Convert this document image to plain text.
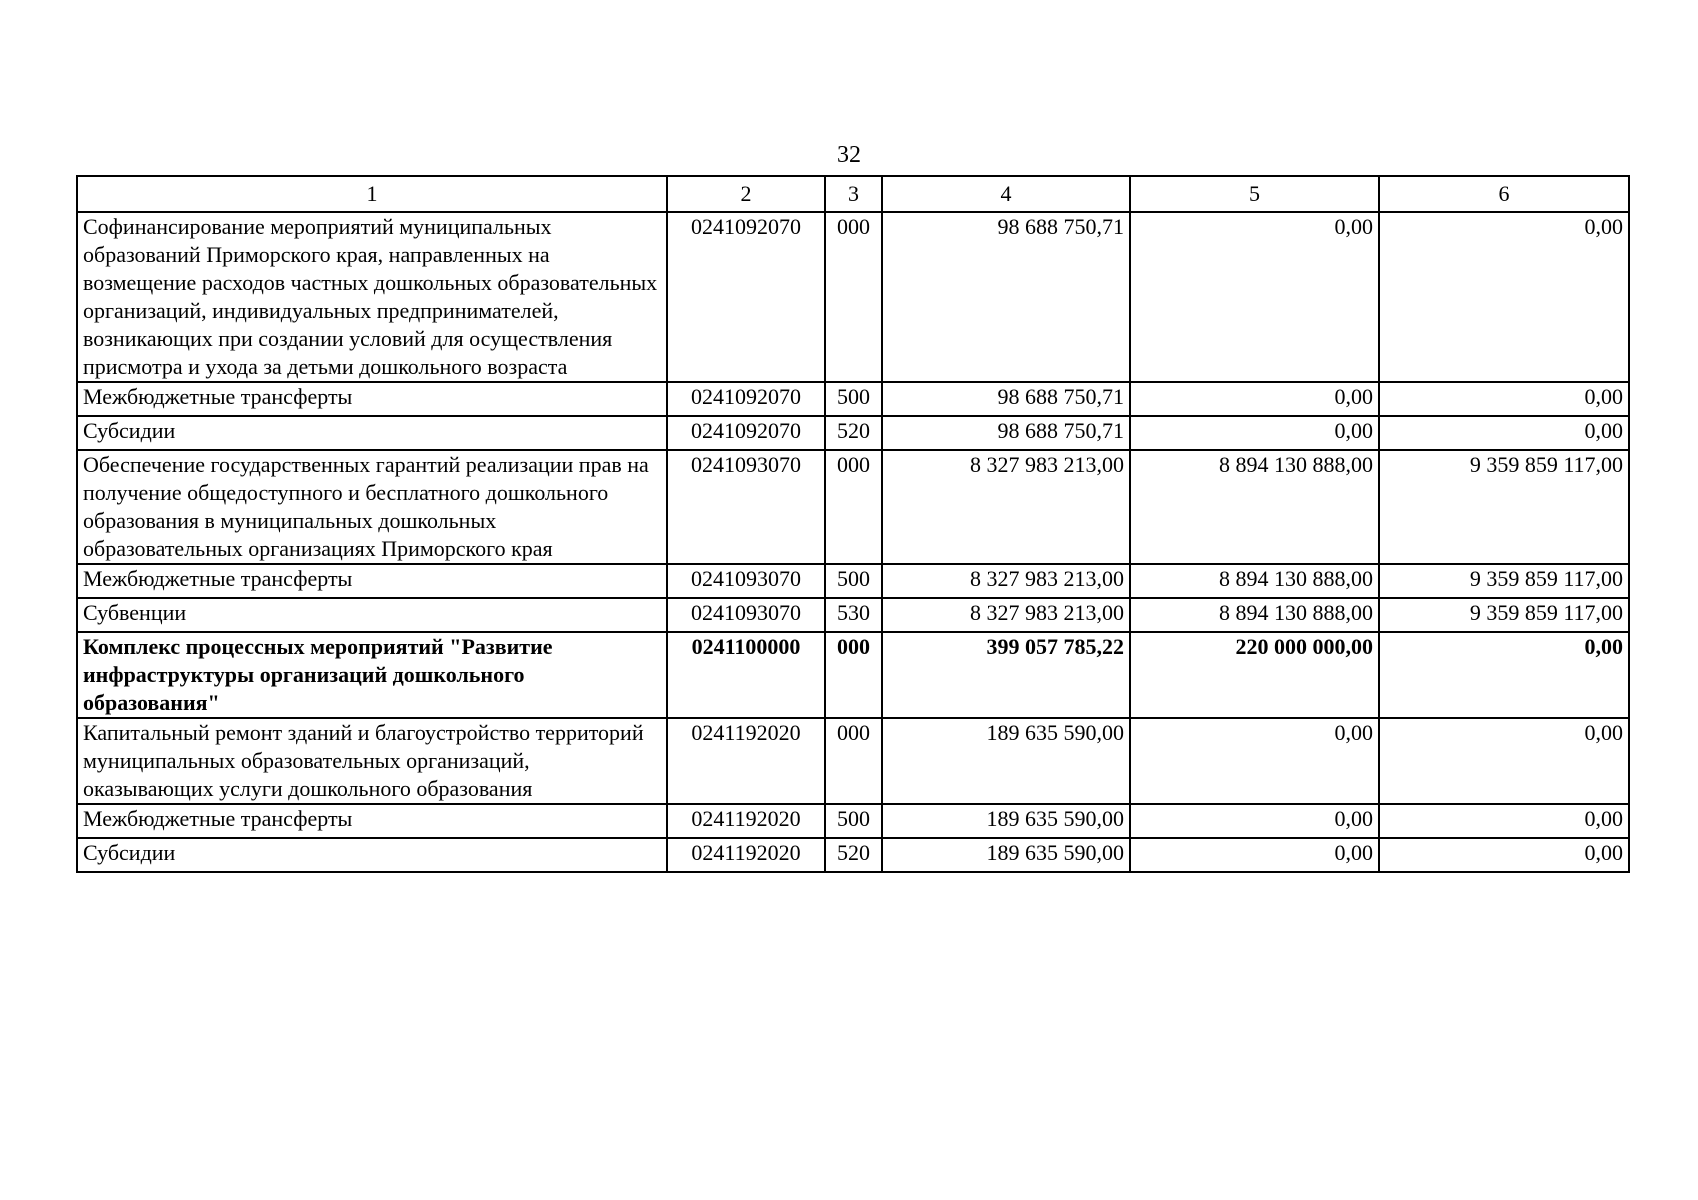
32
1	2	3	4	5	6
Софинансирование мероприятий муниципальных образований Приморского края, направленных на возмещение расходов частных дошкольных образовательных организаций, индивидуальных предпринимателей, возникающих при создании условий для осуществления присмотра и ухода за детьми дошкольного возраста	0241092070	000	98 688 750,71	0,00	0,00
Межбюджетные трансферты	0241092070	500	98 688 750,71	0,00	0,00
Субсидии	0241092070	520	98 688 750,71	0,00	0,00
Обеспечение государственных гарантий реализации прав на получение общедоступного и бесплатного дошкольного образования в муниципальных дошкольных образовательных организациях Приморского края	0241093070	000	8 327 983 213,00	8 894 130 888,00	9 359 859 117,00
Межбюджетные трансферты	0241093070	500	8 327 983 213,00	8 894 130 888,00	9 359 859 117,00
Субвенции	0241093070	530	8 327 983 213,00	8 894 130 888,00	9 359 859 117,00
Комплекс процессных мероприятий "Развитие инфраструктуры организаций дошкольного образования"	0241100000	000	399 057 785,22	220 000 000,00	0,00
Капитальный ремонт зданий и благоустройство территорий муниципальных образовательных организаций, оказывающих услуги дошкольного образования	0241192020	000	189 635 590,00	0,00	0,00
Межбюджетные трансферты	0241192020	500	189 635 590,00	0,00	0,00
Субсидии	0241192020	520	189 635 590,00	0,00	0,00
